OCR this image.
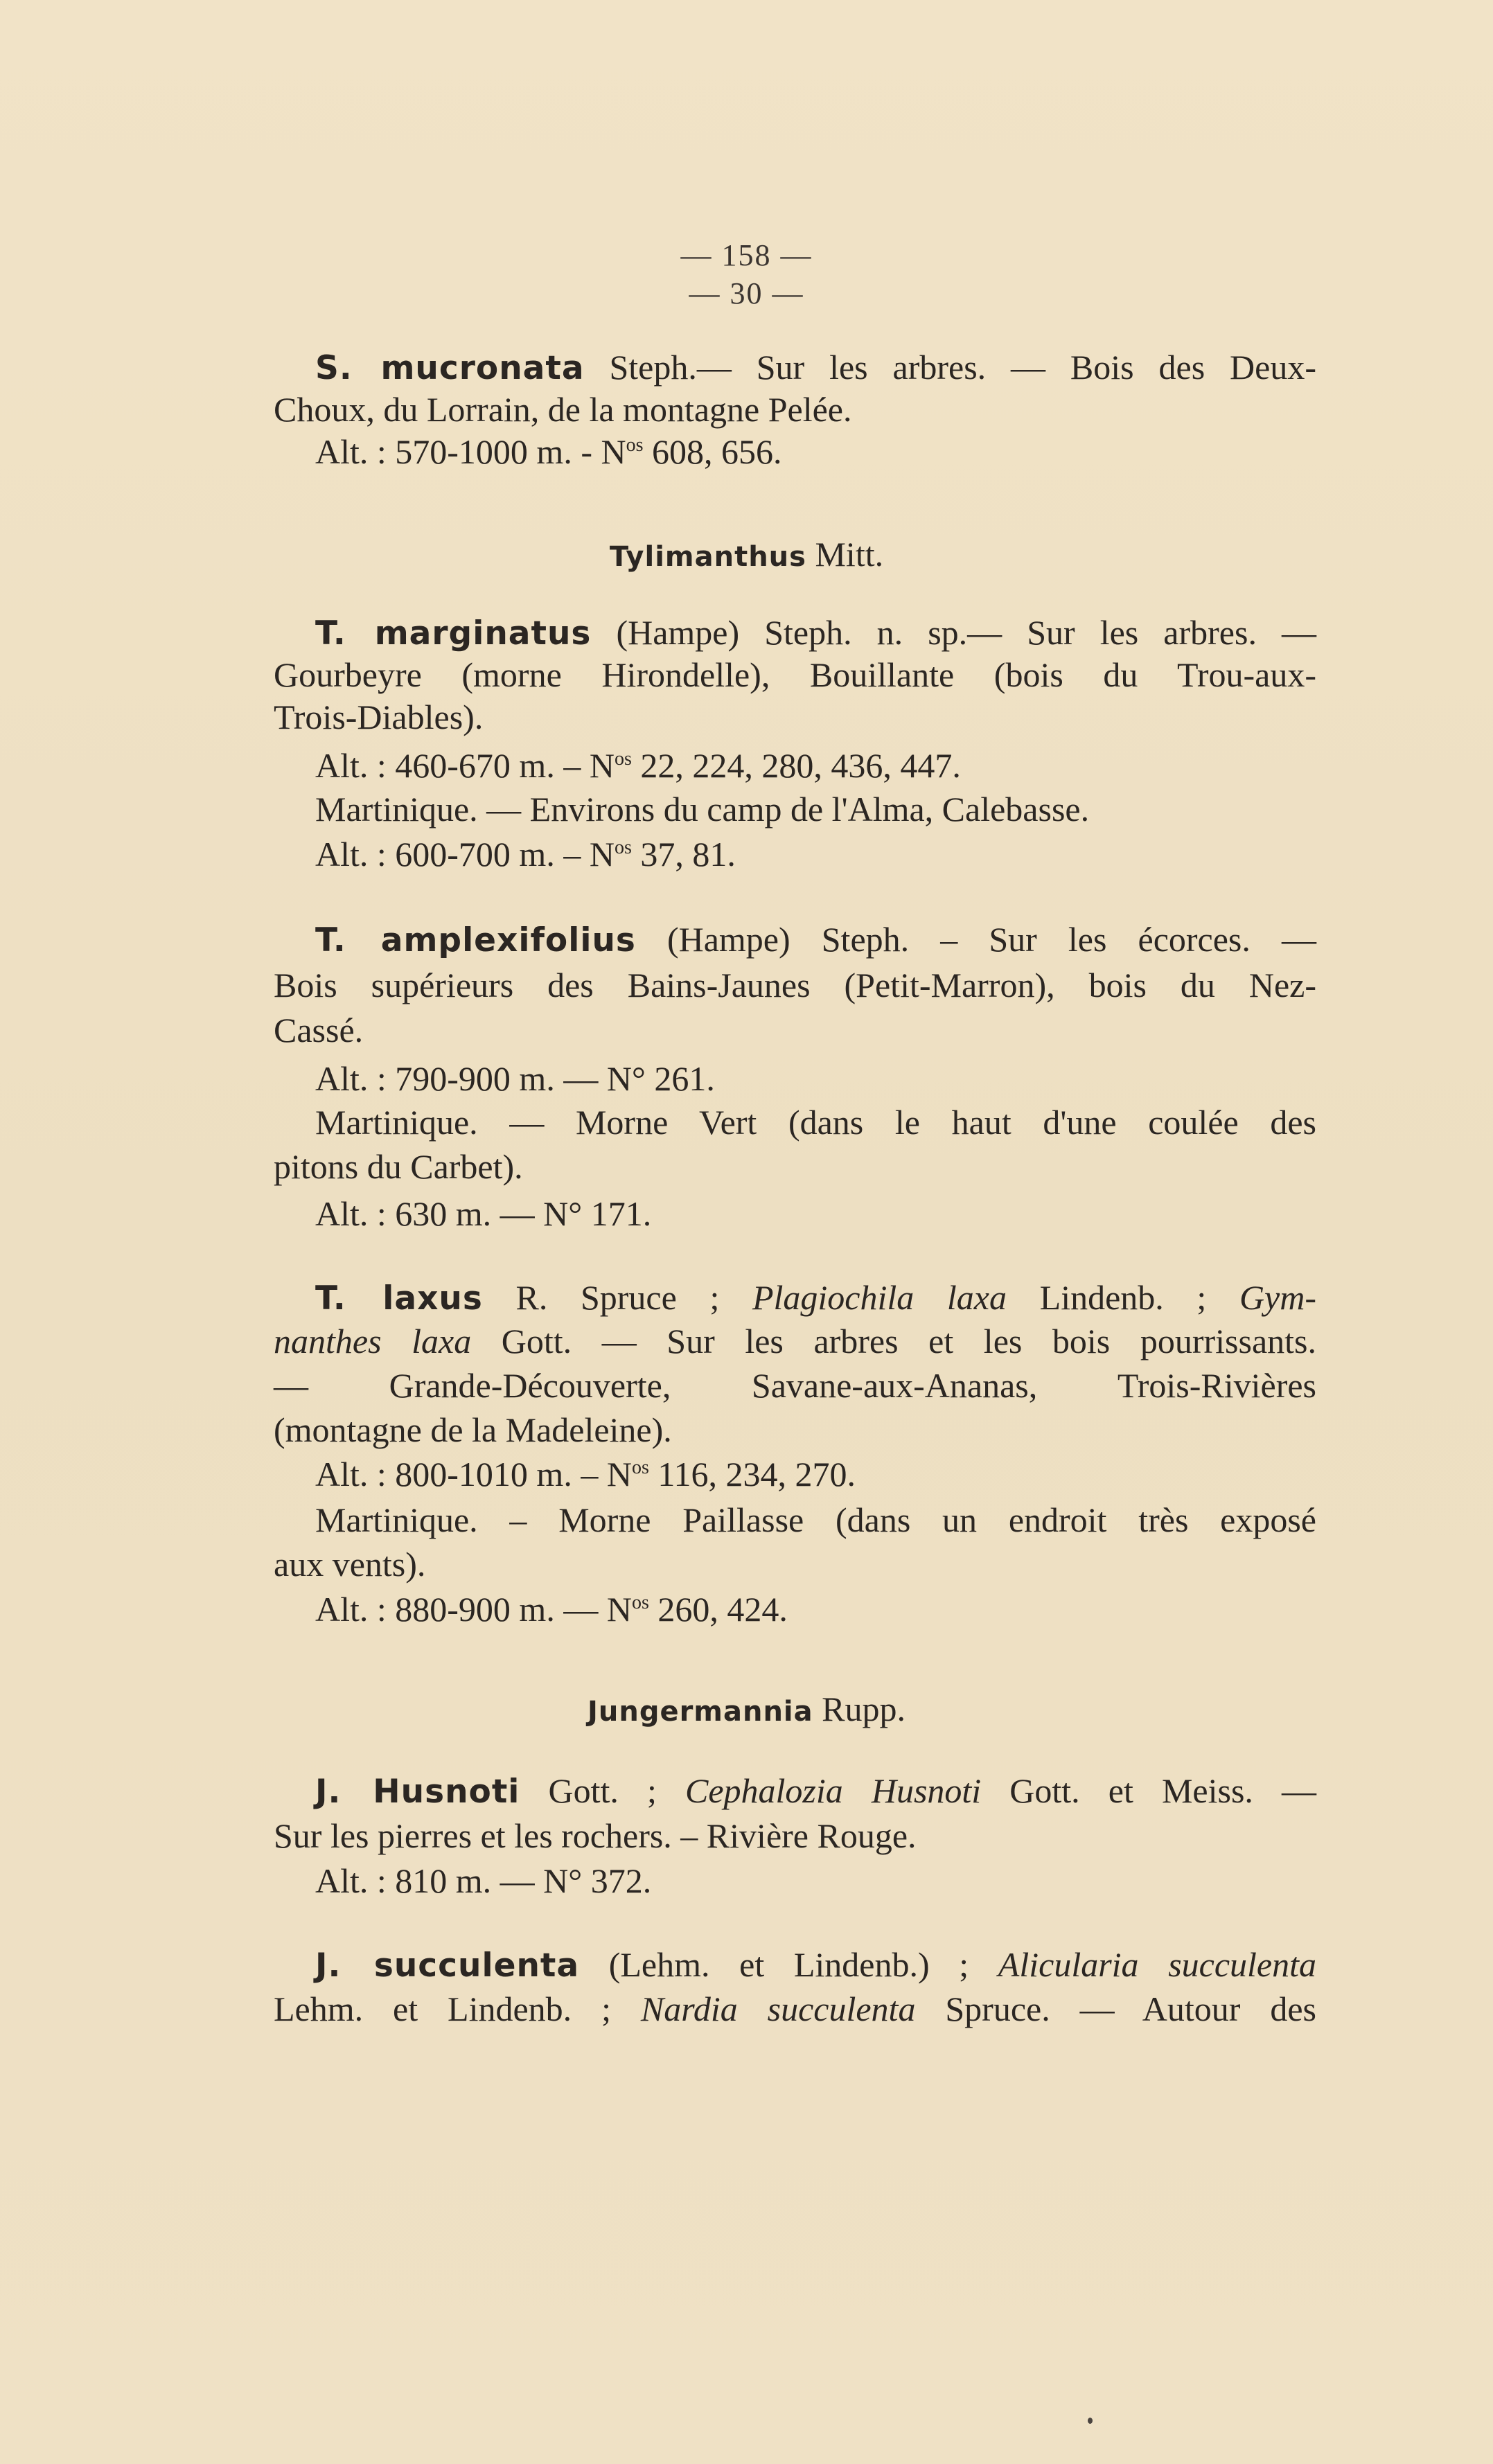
— 158 —
— 30 —
S. mucronata Steph.— Sur les arbres. — Bois des Deux-
Choux, du Lorrain, de la montagne Pelée.
Alt. : 570-1000 m. - $N^{os}$ 608, 656.
Tylimanthus Mitt.
T. marginatus (Hampe) Steph. n. sp.— Sur les arbres. —
Gourbeyre (morne Hirondelle), Bouillante (bois du Trou-aux-
Trois-Diables).
Alt. : 460-670 m. – $N^{os}$ 22, 224, 280, 436, 447.
Martinique. — Environs du camp de l'Alma, Calebasse.
Alt. : 600-700 m. – $N^{os}$ 37, 81.
T. amplexifolius (Hampe) Steph. – Sur les écorces. —
Bois supérieurs des Bains-Jaunes (Petit-Marron), bois du Nez-
Cassé.
Alt. : 790-900 m. — N° 261.
Martinique. — Morne Vert (dans le haut d'une coulée des
pitons du Carbet).
Alt. : 630 m. — N° 171.
T. laxus R. Spruce ; Plagiochila laxa Lindenb. ; Gym-
nanthes laxa Gott. — Sur les arbres et les bois pourrissants.
— Grande-Découverte, Savane-aux-Ananas, Trois-Rivières
(montagne de la Madeleine).
Alt. : 800-1010 m. – $N^{os}$ 116, 234, 270.
Martinique. – Morne Paillasse (dans un endroit très exposé
aux vents).
Alt. : 880-900 m. — $N^{os}$ 260, 424.
Jungermannia Rupp.
J. Husnoti Gott. ; Cephalozia Husnoti Gott. et Meiss. —
Sur les pierres et les rochers. – Rivière Rouge.
Alt. : 810 m. — N° 372.
J. succulenta (Lehm. et Lindenb.) ; Alicularia succulenta
Lehm. et Lindenb. ; Nardia succulenta Spruce. — Autour des
